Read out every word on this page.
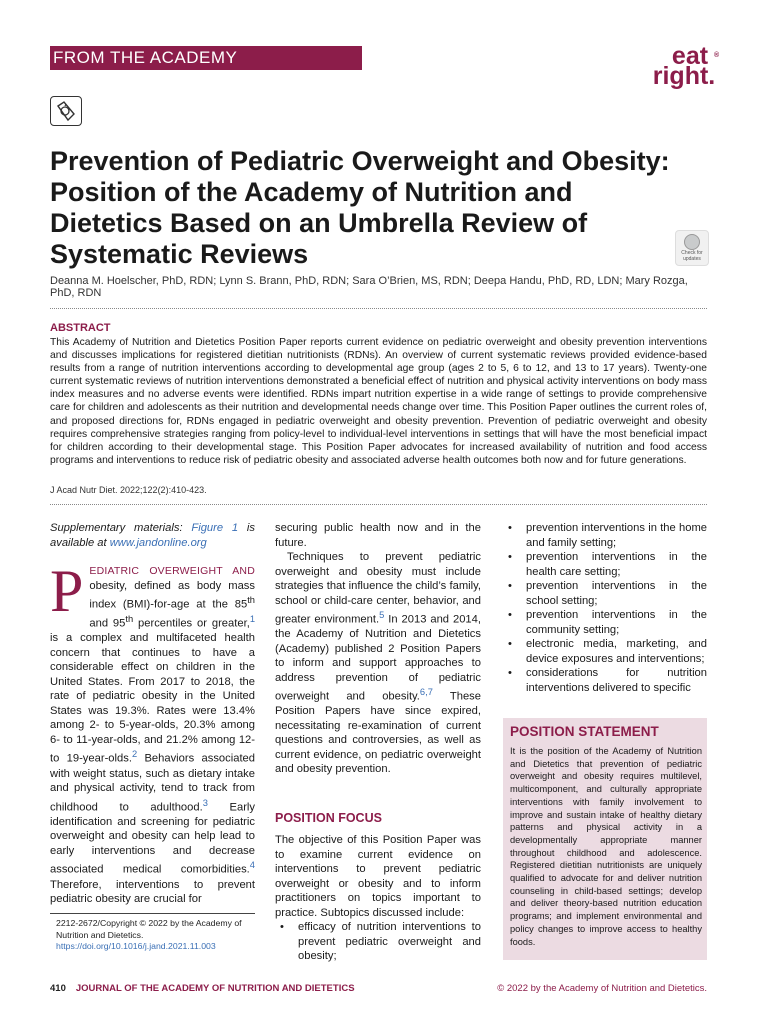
FROM THE ACADEMY	eat
right.
®
Prevention of Pediatric Overweight and Obesity: Position of the Academy of Nutrition and Dietetics Based on an Umbrella Review of Systematic Reviews	Check for updates
Deanna M. Hoelscher, PhD, RDN; Lynn S. Brann, PhD, RDN; Sara O’Brien, MS, RDN; Deepa Handu, PhD, RD, LDN; Mary Rozga, PhD, RDN
ABSTRACT

This Academy of Nutrition and Dietetics Position Paper reports current evidence on pediatric overweight and obesity prevention interventions and discusses implications for registered dietitian nutritionists (RDNs). An overview of current systematic reviews provided evidence-based results from a range of nutrition interventions according to developmental age group (ages 2 to 5, 6 to 12, and 13 to 17 years). Twenty-one current systematic reviews of nutrition interventions demonstrated a beneficial effect of nutrition and physical activity interventions on body mass index measures and no adverse events were identified. RDNs impart nutrition expertise in a wide range of settings to provide comprehensive care for children and adolescents as their nutrition and developmental needs change over time. This Position Paper outlines the current roles of, and proposed directions for, RDNs engaged in pediatric overweight and obesity prevention. Prevention of pediatric overweight and obesity requires comprehensive strategies ranging from policy-level to individual-level interventions in settings that will have the most beneficial impact for children according to their developmental stage. This Position Paper advocates for increased availability of nutrition and food access programs and interventions to reduce risk of pediatric obesity and associated adverse health outcomes both now and for future generations.

J Acad Nutr Diet. 2022;122(2):410-423.

Supplementary materials: Figure 1 is available at www.jandonline.org

PEDIATRIC OVERWEIGHT AND obesity, defined as body mass index (BMI)-for-age at the 85th and 95th percentiles or greater,$^1$ is a complex and multifaceted health concern that continues to have a considerable effect on children in the United States. From 2017 to 2018, the rate of pediatric obesity in the United States was 19.3%. Rates were 13.4% among 2- to 5-year-olds, 20.3% among 6- to 11-year-olds, and 21.2% among 12- to 19-year-olds.$^2$ Behaviors associated with weight status, such as dietary intake and physical activity, tend to track from childhood to adulthood.$^3$ Early identification and screening for pediatric overweight and obesity can help lead to early interventions and decrease associated medical comorbidities.$^4$ Therefore, interventions to prevent pediatric obesity are crucial for

2212-2672/Copyright © 2022 by the Academy of Nutrition and Dietetics.
https://doi.org/10.1016/j.jand.2021.11.003

securing public health now and in the future.

Techniques to prevent pediatric overweight and obesity must include strategies that influence the child’s family, school or child-care center, behavior, and greater environment.$^5$ In 2013 and 2014, the Academy of Nutrition and Dietetics (Academy) published 2 Position Papers to inform and support approaches to address prevention of pediatric overweight and obesity.$^{6,7}$ These Position Papers have since expired, necessitating re-examination of current questions and controversies, as well as current evidence, on pediatric overweight and obesity prevention.

POSITION FOCUS

The objective of this Position Paper was to examine current evidence on interventions to prevent pediatric overweight or obesity and to inform practitioners on topics important to practice. Subtopics discussed include:

• efficacy of nutrition interventions to prevent pediatric overweight and obesity;
• prevention interventions in the home and family setting;
• prevention interventions in the health care setting;
• prevention interventions in the school setting;
• prevention interventions in the community setting;
• electronic media, marketing, and device exposures and interventions;
• considerations for nutrition interventions delivered to specific

POSITION STATEMENT

It is the position of the Academy of Nutrition and Dietetics that prevention of pediatric overweight and obesity requires multilevel, multicomponent, and culturally appropriate interventions with family involvement to improve and sustain intake of healthy dietary patterns and physical activity in a developmentally appropriate manner throughout childhood and adolescence. Registered dietitian nutritionists are uniquely qualified to advocate for and deliver nutrition counseling in child-based settings; develop and deliver theory-based nutrition education programs; and implement environmental and policy changes to improve access to healthy foods.

410 JOURNAL OF THE ACADEMY OF NUTRITION AND DIETETICS	© 2022 by the Academy of Nutrition and Dietetics.
